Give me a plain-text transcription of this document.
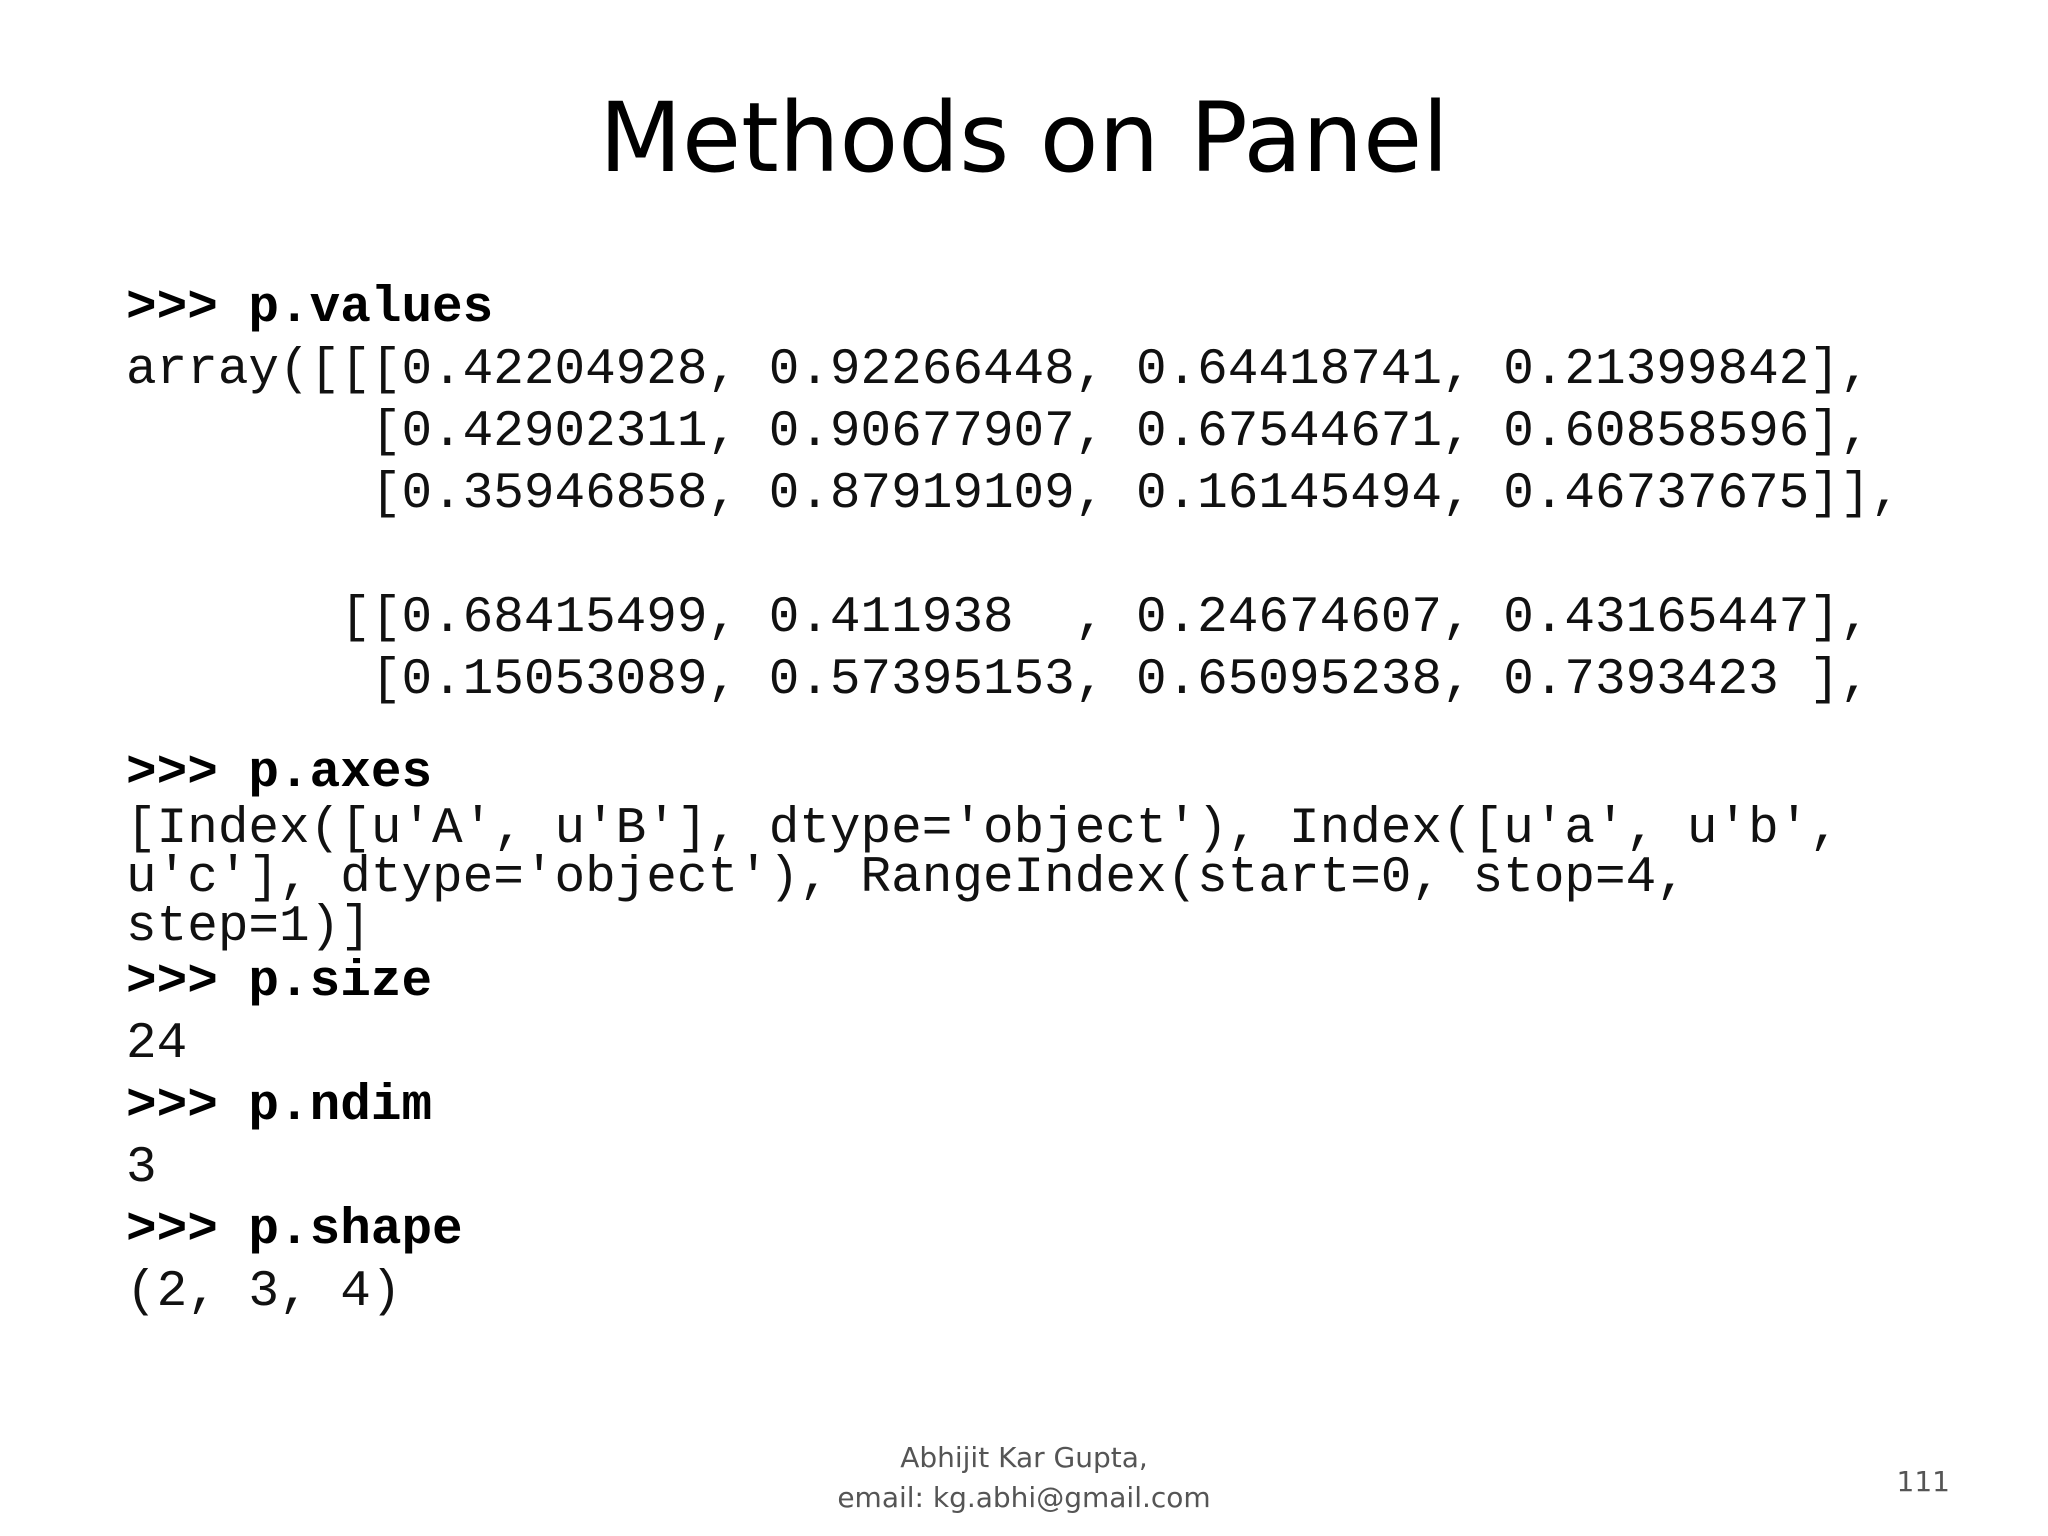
Methods on Panel
>>> p.values
array([[[0.42204928, 0.92266448, 0.64418741, 0.21399842],
[0.42902311, 0.90677907, 0.67544671, 0.60858596],
[0.35946858, 0.87919109, 0.16145494, 0.46737675]],
[[0.68415499, 0.411938  , 0.24674607, 0.43165447],
[0.15053089, 0.57395153, 0.65095238, 0.7393423 ],
>>> p.axes
[Index([u'A', u'B'], dtype='object'), Index([u'a', u'b',
u'c'], dtype='object'), RangeIndex(start=0, stop=4,
step=1)]
>>> p.size
24
>>> p.ndim
3
>>> p.shape
(2, 3, 4)
Abhijit Kar Gupta,
email: kg.abhi@gmail.com	111
